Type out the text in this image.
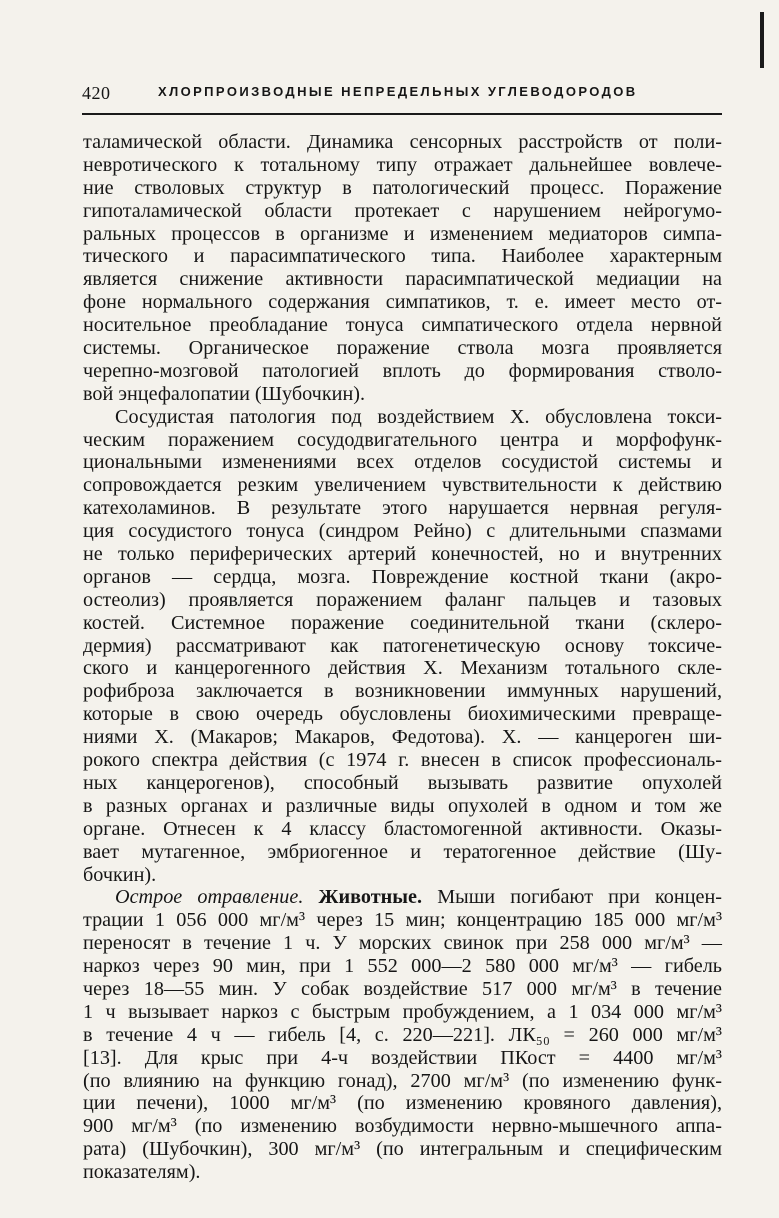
420	ХЛОРПРОИЗВОДНЫЕ НЕПРЕДЕЛЬНЫХ УГЛЕВОДОРОДОВ
таламической области. Динамика сенсорных расстройств от поли-
невротического к тотальному типу отражает дальнейшее вовлече-
ние стволовых структур в патологический процесс. Поражение
гипоталамической области протекает с нарушением нейрогумо-
ральных процессов в организме и изменением медиаторов симпа-
тического и парасимпатического типа. Наиболее характерным
является снижение активности парасимпатической медиации на
фоне нормального содержания симпатиков, т. е. имеет место от-
носительное преобладание тонуса симпатического отдела нервной
системы. Органическое поражение ствола мозга проявляется
черепно-мозговой патологией вплоть до формирования стволо-
вой энцефалопатии (Шубочкин).
Сосудистая патология под воздействием Х. обусловлена токси-
ческим поражением сосудодвигательного центра и морфофунк-
циональными изменениями всех отделов сосудистой системы и
сопровождается резким увеличением чувствительности к действию
катехоламинов. В результате этого нарушается нервная регуля-
ция сосудистого тонуса (синдром Рейно) с длительными спазмами
не только периферических артерий конечностей, но и внутренних
органов — сердца, мозга. Повреждение костной ткани (акро-
остеолиз) проявляется поражением фаланг пальцев и тазовых
костей. Системное поражение соединительной ткани (склеро-
дермия) рассматривают как патогенетическую основу токсиче-
ского и канцерогенного действия Х. Механизм тотального скле-
рофиброза заключается в возникновении иммунных нарушений,
которые в свою очередь обусловлены биохимическими превраще-
ниями Х. (Макаров; Макаров, Федотова). Х. — канцероген ши-
рокого спектра действия (с 1974 г. внесен в список профессиональ-
ных канцерогенов), способный вызывать развитие опухолей
в разных органах и различные виды опухолей в одном и том же
органе. Отнесен к 4 классу бластомогенной активности. Оказы-
вает мутагенное, эмбриогенное и тератогенное действие (Шу-
бочкин).
Острое отравление. Животные. Мыши погибают при концен-
трации 1 056 000 мг/м³ через 15 мин; концентрацию 185 000 мг/м³
переносят в течение 1 ч. У морских свинок при 258 000 мг/м³ —
наркоз через 90 мин, при 1 552 000—2 580 000 мг/м³ — гибель
через 18—55 мин. У собак воздействие 517 000 мг/м³ в течение
1 ч вызывает наркоз с быстрым пробуждением, а 1 034 000 мг/м³
в течение 4 ч — гибель [4, с. 220—221]. ЛК₅₀ = 260 000 мг/м³
[13]. Для крыс при 4-ч воздействии ПКост = 4400 мг/м³
(по влиянию на функцию гонад), 2700 мг/м³ (по изменению функ-
ции печени), 1000 мг/м³ (по изменению кровяного давления),
900 мг/м³ (по изменению возбудимости нервно-мышечного аппа-
рата) (Шубочкин), 300 мг/м³ (по интегральным и специфическим
показателям).
